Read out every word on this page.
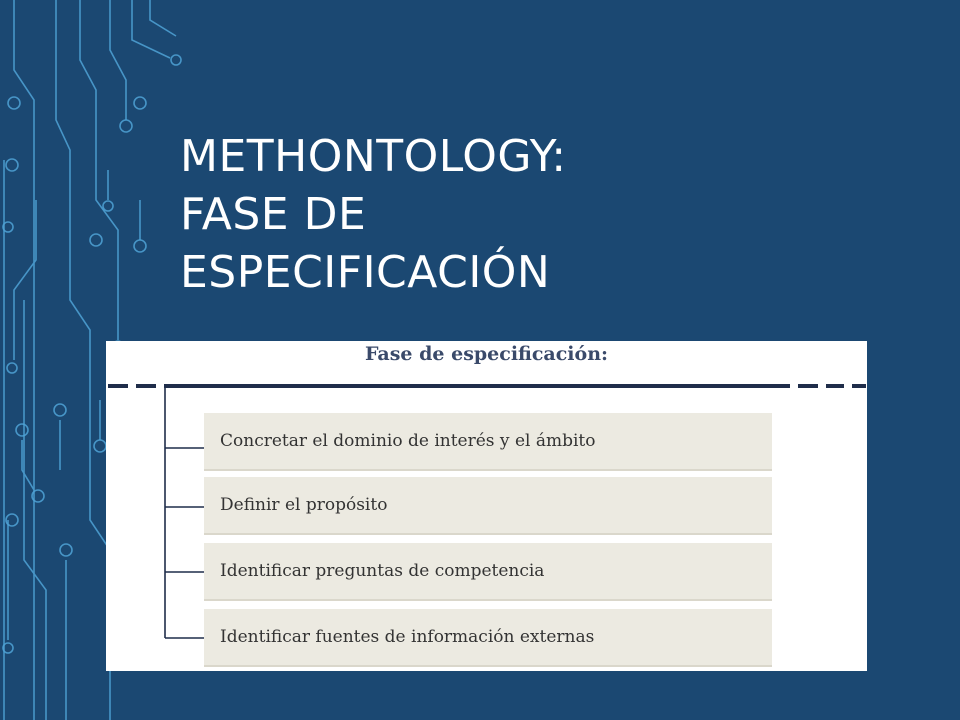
METHONTOLOGY:
FASE DE
ESPECIFICACIÓN
Fase de especificación:
Concretar el dominio de interés y el ámbito
Definir el propósito
Identificar preguntas de competencia
Identificar fuentes de información externas
